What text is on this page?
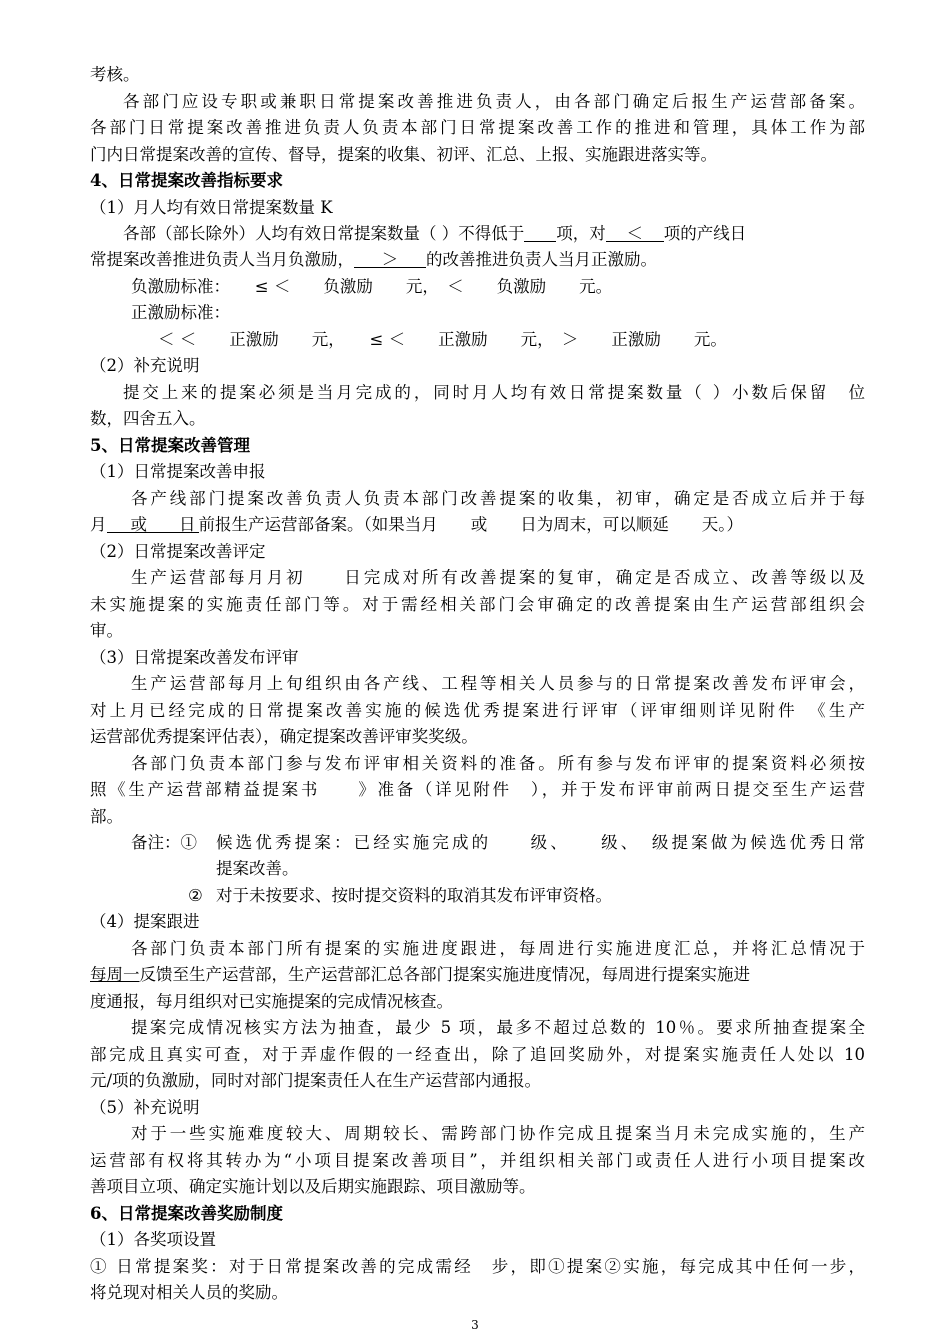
考核。
各部门应设专职或兼职日常提案改善推进负责人，由各部门确定后报生产运营部备案。
各部门日常提案改善推进负责人负责本部门日常提案改善工作的推进和管理，具体工作为部
门内日常提案改善的宣传、督导，提案的收集、初评、汇总、上报、实施跟进落实等。
4、日常提案改善指标要求
（1）月人均有效日常提案数量 K
各部（部长除外）人均有效日常提案数量（ ）不得低于 项，对 ＜ 项的产线日
常提案改善推进负责人当月负激励， ＞ 的改善推进负责人当月正激励。
负激励标准：　　≤ ＜　　负激励　　元，　＜　　负激励　　元。
正激励标准：
＜ ＜　　正激励　　元，　　≤ ＜　　正激励　　元，　＞　　正激励　　元。
（2）补充说明
提交上来的提案必须是当月完成的，同时月人均有效日常提案数量（ ）小数后保留　位
数，四舍五入。
5、日常提案改善管理
（1）日常提案改善申报
各产线部门提案改善负责人负责本部门改善提案的收集，初审，确定是否成立后并于每
月 或 日 前报生产运营部备案。（如果当月　　或　　日为周末，可以顺延　　天。）
（2）日常提案改善评定
生产运营部每月月初　　日完成对所有改善提案的复审，确定是否成立、改善等级以及
未实施提案的实施责任部门等。对于需经相关部门会审确定的改善提案由生产运营部组织会
审。
（3）日常提案改善发布评审
生产运营部每月上旬组织由各产线、工程等相关人员参与的日常提案改善发布评审会，
对上月已经完成的日常提案改善实施的候选优秀提案进行评审（评审细则详见附件　《生产
运营部优秀提案评估表），确定提案改善评审奖奖级。
各部门负责本部门参与发布评审相关资料的准备。所有参与发布评审的提案资料必须按
照《生产运营部精益提案书　　》准备（详见附件　），并于发布评审前两日提交至生产运营
部。
备注：①	候选优秀提案：已经实施完成的　　级、　　级、　级提案做为候选优秀日常
提案改善。
② 对于未按要求、按时提交资料的取消其发布评审资格。
（4）提案跟进
各部门负责本部门所有提案的实施进度跟进，每周进行实施进度汇总，并将汇总情况于
每周一反馈至生产运营部，生产运营部汇总各部门提案实施进度情况，每周进行提案实施进
度通报，每月组织对已实施提案的完成情况核查。
提案完成情况核实方法为抽查，最少 5 项，最多不超过总数的 10％。要求所抽查提案全
部完成且真实可查，对于弄虚作假的一经查出，除了追回奖励外，对提案实施责任人处以 10
元/项的负激励，同时对部门提案责任人在生产运营部内通报。
（5）补充说明
对于一些实施难度较大、周期较长、需跨部门协作完成且提案当月未完成实施的，生产
运营部有权将其转办为“小项目提案改善项目”，并组织相关部门或责任人进行小项目提案改
善项目立项、确定实施计划以及后期实施跟踪、项目激励等。
6、日常提案改善奖励制度
（1）各奖项设置
① 日常提案奖：对于日常提案改善的完成需经　步，即①提案②实施，每完成其中任何一步，
将兑现对相关人员的奖励。
3
